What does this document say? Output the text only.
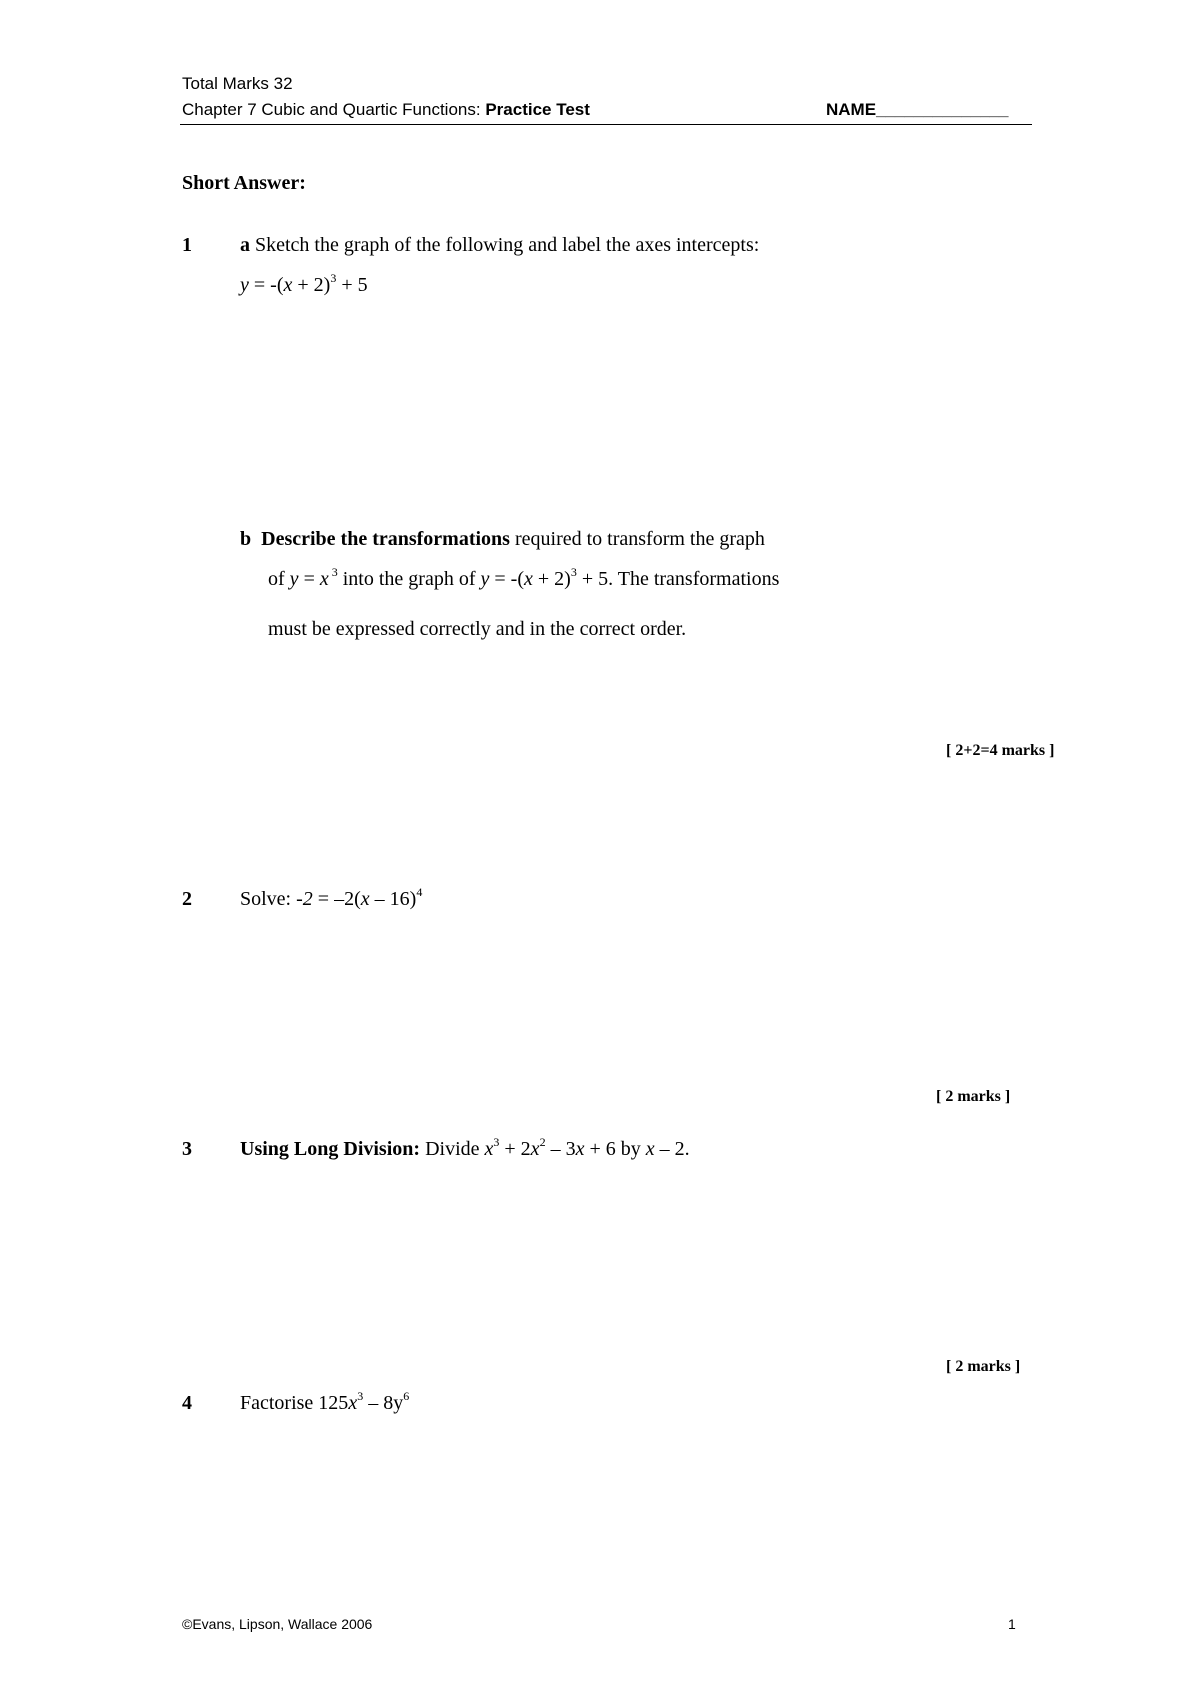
Total Marks 32
Chapter 7 Cubic and Quartic Functions: Practice Test	NAME______________
Short Answer:
1 a Sketch the graph of the following and label the axes intercepts:
$y = -(x + 2)^3 + 5$
b Describe the transformations required to transform the graph
of y = x $^3$ into the graph of $y = -(x + 2)^3 + 5$. The transformations
must be expressed correctly and in the correct order.
[ 2+2=4 marks ]
2 Solve: -2 = –2(x – 16)$^4$
[ 2 marks ]
3 Using Long Division: Divide $x^3 + 2x^2 - 3x + 6$ by x – 2.
[ 2 marks ]
4 Factorise $125x^3 - 8y^6$
©Evans, Lipson, Wallace 2006	1
